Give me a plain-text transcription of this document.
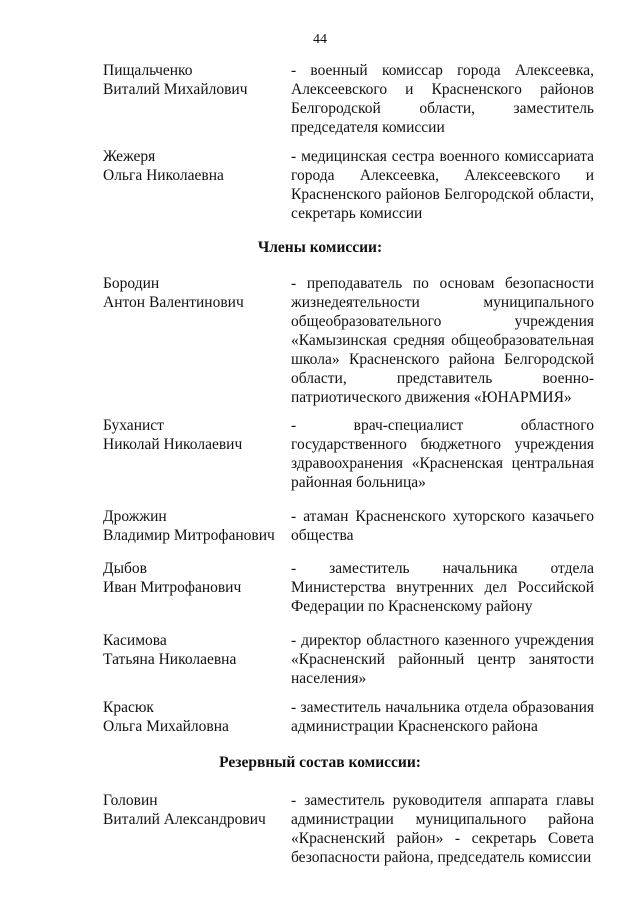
44
Пищальченко
Виталий Михайлович
- военный комиссар города Алексеевка, Алексеевского и Красненского районов Белгородской области, заместитель председателя комиссии
Жежеря
Ольга Николаевна
- медицинская сестра военного комиссариата города Алексеевка, Алексеевского и Красненского районов Белгородской области, секретарь комиссии
Члены комиссии:
Бородин
Антон Валентинович
- преподаватель по основам безопасности жизнедеятельности муниципального общеобразовательного учреждения «Камызинская средняя общеобразовательная школа» Красненского района Белгородской области, представитель военно-патриотического движения «ЮНАРМИЯ»
Буханист
Николай Николаевич
- врач-специалист областного государственного бюджетного учреждения здравоохранения «Красненская центральная районная больница»
Дрожжин
Владимир Митрофанович
- атаман Красненского хуторского казачьего общества
Дыбов
Иван Митрофанович
- заместитель начальника отдела Министерства внутренних дел Российской Федерации по Красненскому району
Касимова
Татьяна Николаевна
- директор областного казенного учреждения «Красненский районный центр занятости населения»
Красюк
Ольга Михайловна
- заместитель начальника отдела образования администрации Красненского района
Резервный состав комиссии:
Головин
Виталий Александрович
- заместитель руководителя аппарата главы администрации муниципального района «Красненский район» - секретарь Совета безопасности района, председатель комиссии
